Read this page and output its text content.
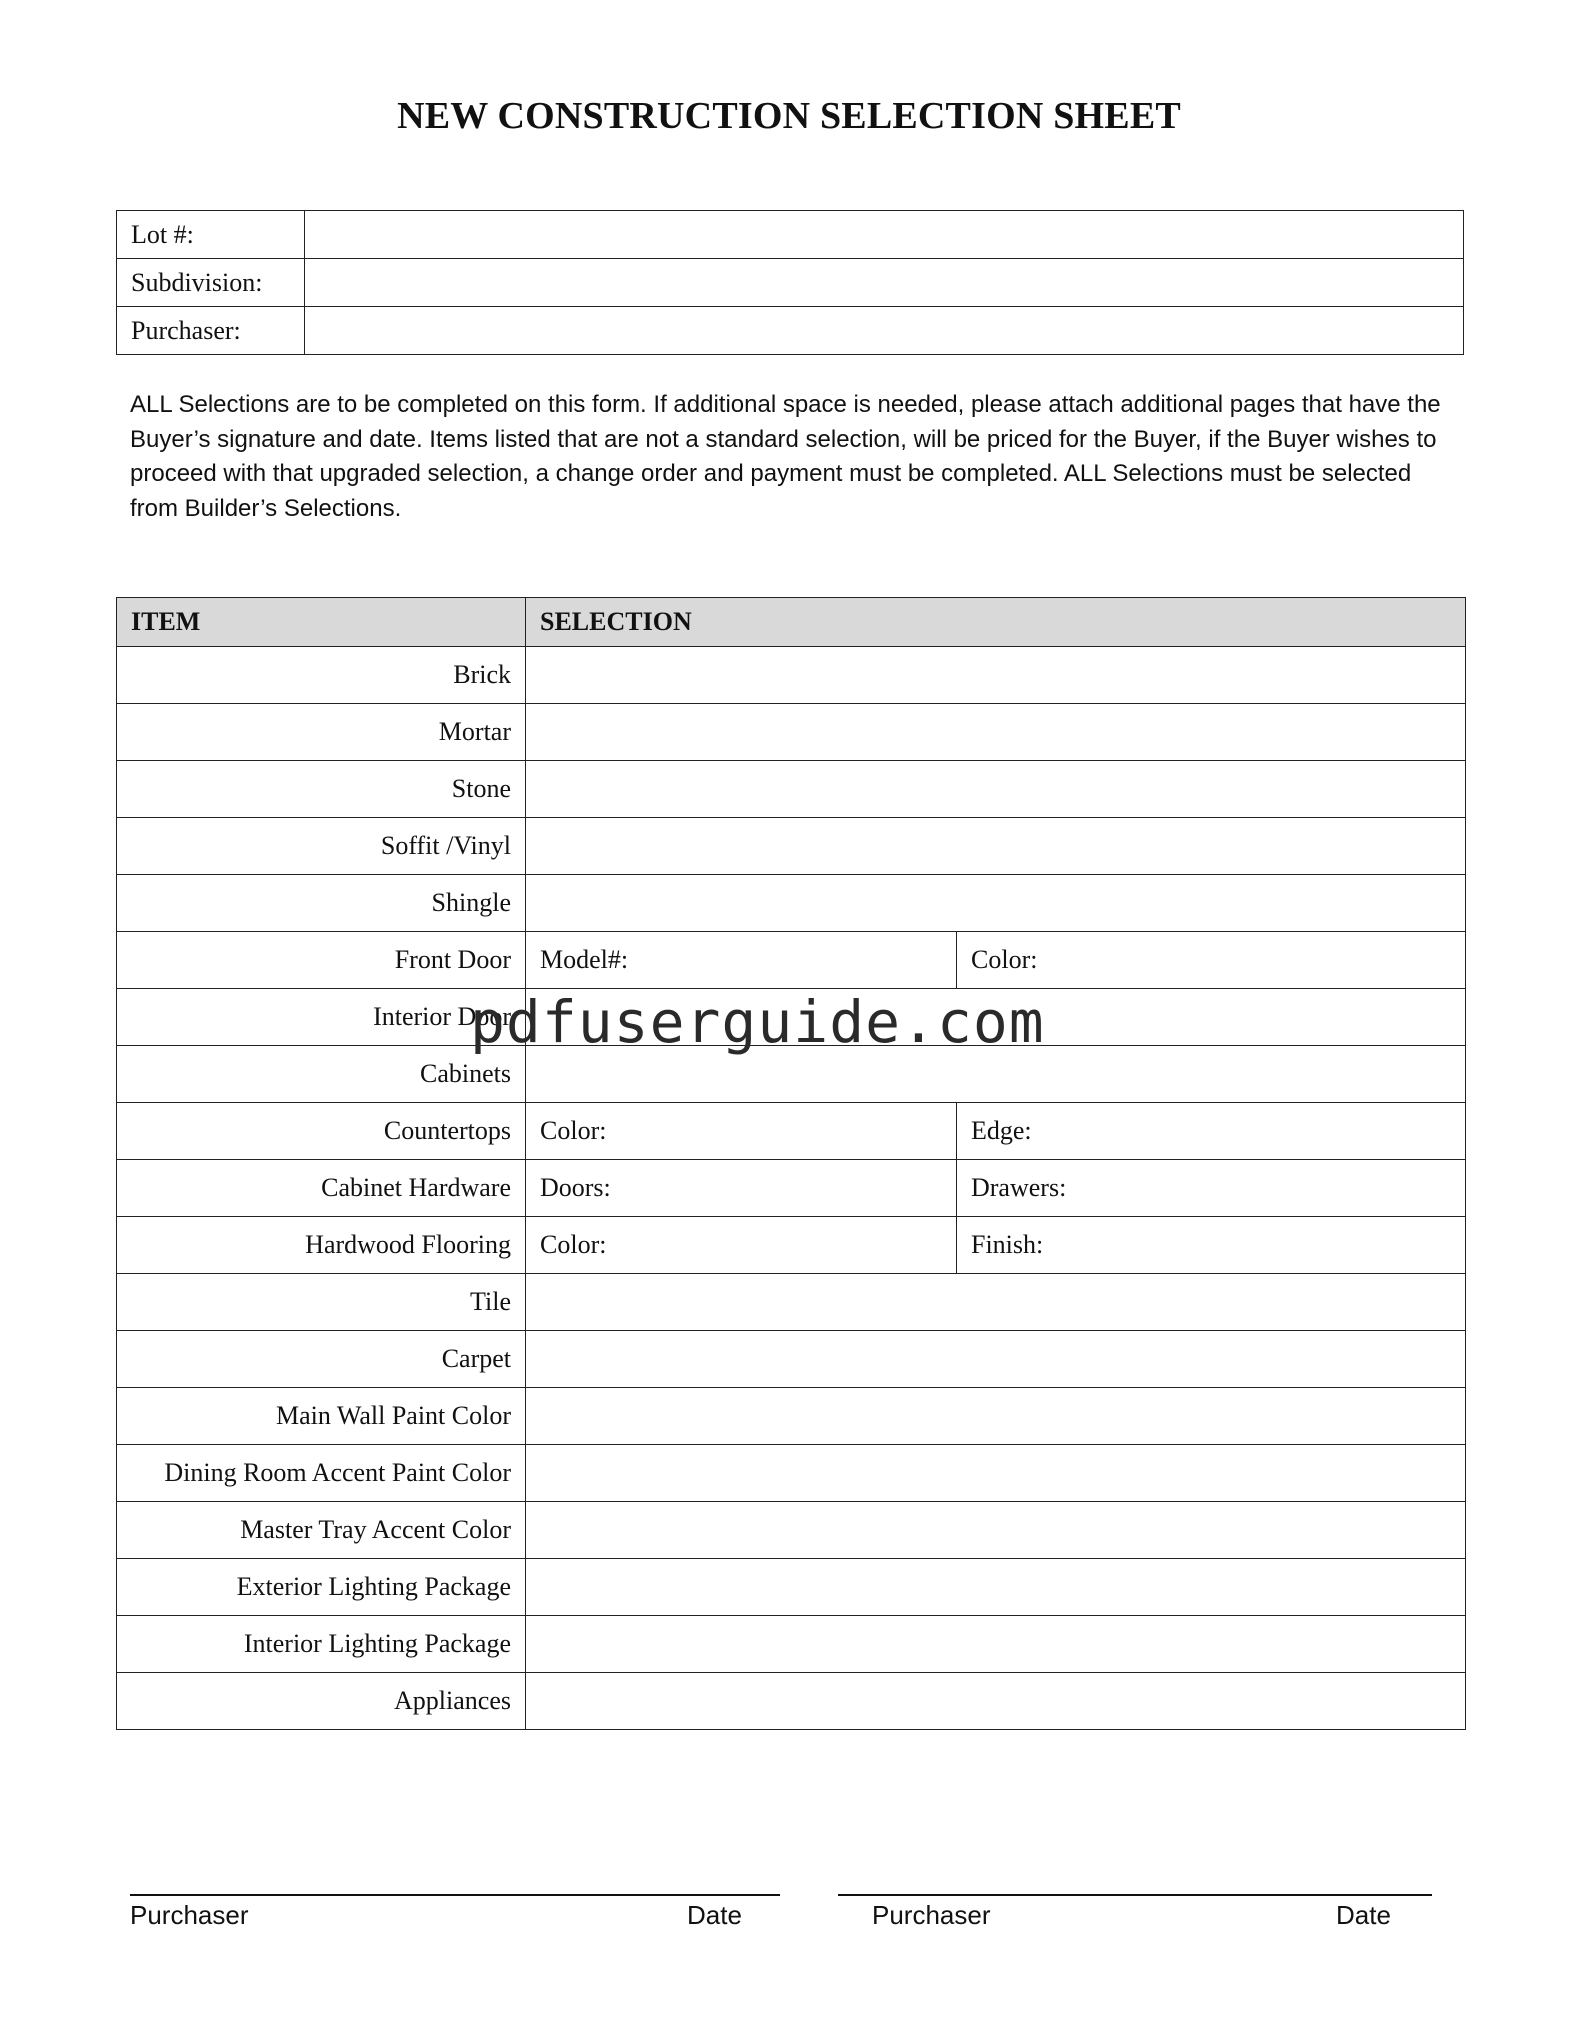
NEW CONSTRUCTION SELECTION SHEET
Lot #:	
Subdivision:	
Purchaser:	
ALL Selections are to be completed on this form. If additional space is needed, please attach additional pages that have the Buyer’s signature and date. Items listed that are not a standard selection, will be priced for the Buyer, if the Buyer wishes to proceed with that upgraded selection, a change order and payment must be completed. ALL Selections must be selected from Builder’s Selections.
ITEM	SELECTION	
Brick		
Mortar		
Stone		
Soffit /Vinyl		
Shingle		
Front Door	Model#:	Color:
Interior Door		
Cabinets		
Countertops	Color:	Edge:
Cabinet Hardware	Doors:	Drawers:
Hardwood Flooring	Color:	Finish:
Tile		
Carpet		
Main Wall Paint Color		
Dining Room Accent Paint Color		
Master Tray Accent Color		
Exterior Lighting Package		
Interior Lighting Package		
Appliances		
pdfuserguide.com
Purchaser	Date	Purchaser	Date
